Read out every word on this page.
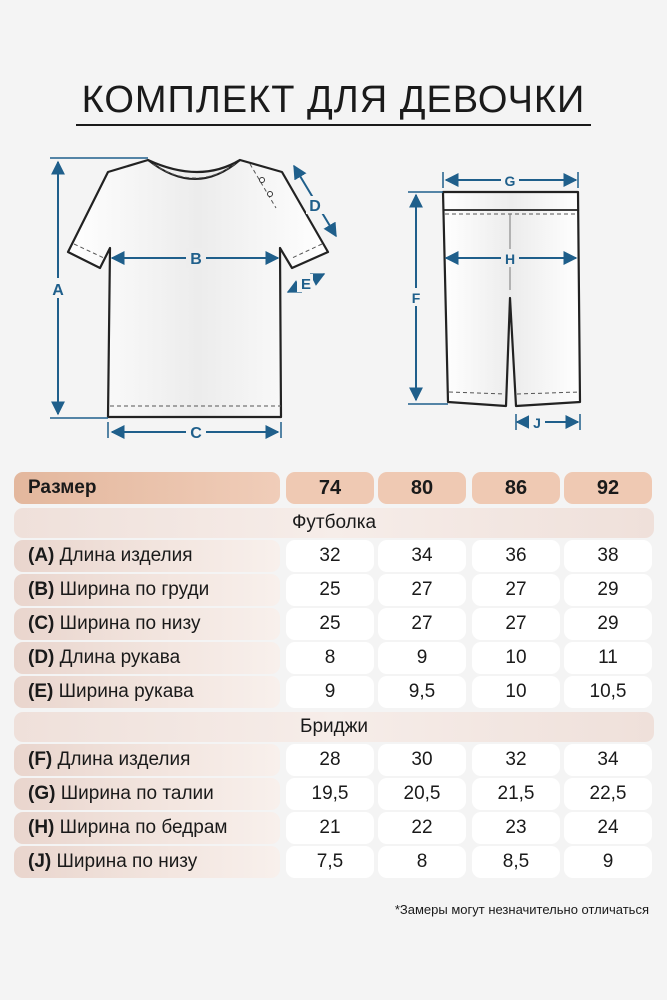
КОМПЛЕКТ ДЛЯ ДЕВОЧКИ
A
B
C
D
E
G
H
F
J
Размер	74	80	86	92
Футболка
(A) Длина изделия	32	34	36	38
(B) Ширина по груди	25	27	27	29
(C) Ширина по низу	25	27	27	29
(D) Длина рукава	8	9	10	11
(E) Ширина рукава	9	9,5	10	10,5
Бриджи
(F) Длина изделия	28	30	32	34
(G) Ширина по талии	19,5	20,5	21,5	22,5
(H) Ширина по бедрам	21	22	23	24
(J) Ширина по низу	7,5	8	8,5	9
*Замеры могут незначительно отличаться
